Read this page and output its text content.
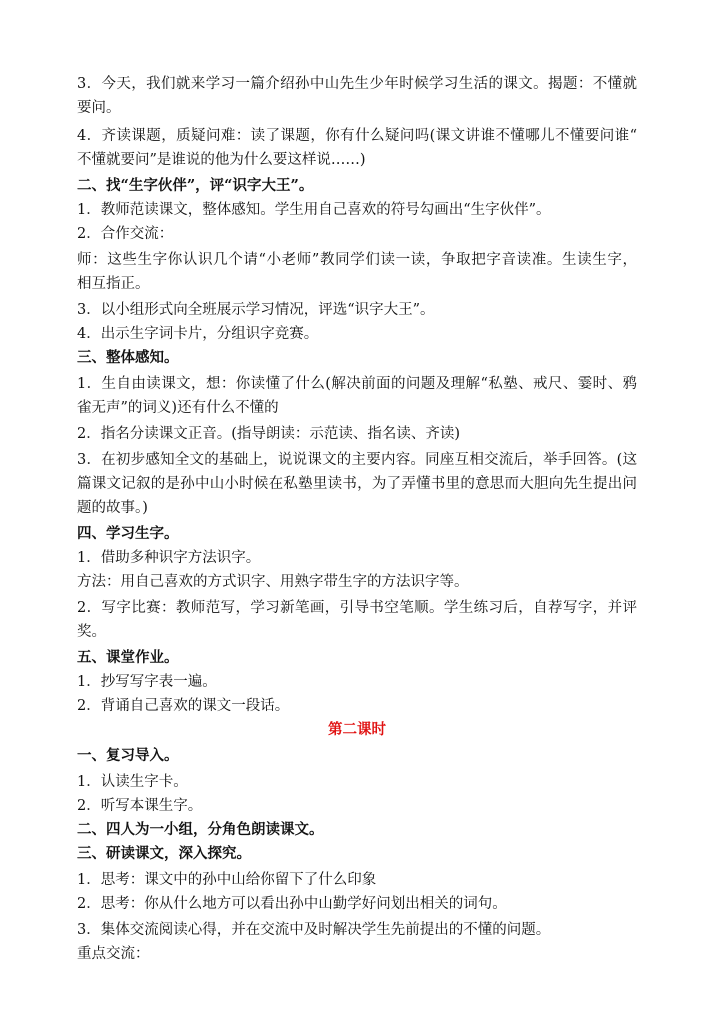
3．今天，我们就来学习一篇介绍孙中山先生少年时候学习生活的课文。揭题：不懂就
要问。
4．齐读课题，质疑问难：读了课题，你有什么疑问吗(课文讲谁不懂哪儿不懂要问谁“
不懂就要问”是谁说的他为什么要这样说……)
二、找“生字伙伴”，评“识字大王”。
1．教师范读课文，整体感知。学生用自己喜欢的符号勾画出“生字伙伴”。
2．合作交流：
师：这些生字你认识几个请“小老师”教同学们读一读，争取把字音读准。生读生字，
相互指正。
3．以小组形式向全班展示学习情况，评选“识字大王”。
4．出示生字词卡片，分组识字竞赛。
三、整体感知。
1．生自由读课文，想：你读懂了什么(解决前面的问题及理解“私塾、戒尺、霎时、鸦
雀无声”的词义)还有什么不懂的
2．指名分读课文正音。(指导朗读：示范读、指名读、齐读)
3．在初步感知全文的基础上，说说课文的主要内容。同座互相交流后，举手回答。(这
篇课文记叙的是孙中山小时候在私塾里读书，为了弄懂书里的意思而大胆向先生提出问
题的故事。)
四、学习生字。
1．借助多种识字方法识字。
方法：用自己喜欢的方式识字、用熟字带生字的方法识字等。
2．写字比赛：教师范写，学习新笔画，引导书空笔顺。学生练习后，自荐写字，并评
奖。
五、课堂作业。
1．抄写写字表一遍。
2．背诵自己喜欢的课文一段话。
第二课时
一、复习导入。
1．认读生字卡。
2．听写本课生字。
二、四人为一小组，分角色朗读课文。
三、研读课文，深入探究。
1．思考：课文中的孙中山给你留下了什么印象
2．思考：你从什么地方可以看出孙中山勤学好问划出相关的词句。
3．集体交流阅读心得，并在交流中及时解决学生先前提出的不懂的问题。
重点交流：
